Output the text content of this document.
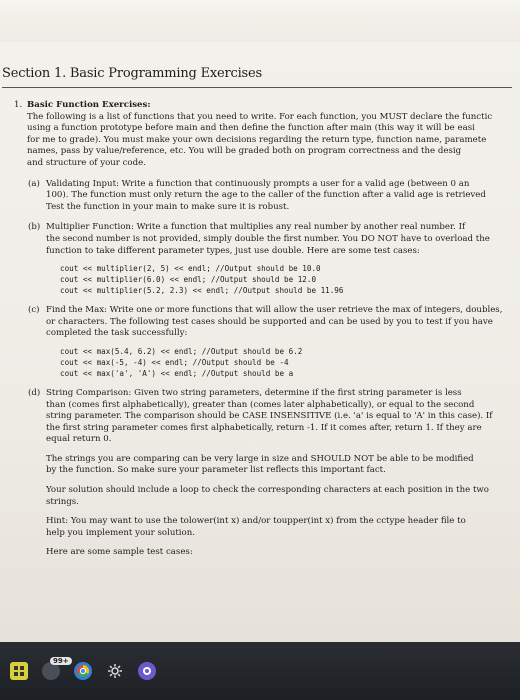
Section 1. Basic Programming Exercises
1. Basic Function Exercises:

The following is a list of functions that you need to write. For each function, you MUST declare the functic

using a function prototype before main and then define the function after main (this way it will be easi

for me to grade). You must make your own decisions regarding the return type, function name, paramete

names, pass by value/reference, etc. You will be graded both on program correctness and the desig

and structure of your code.

(a) Validating Input: Write a function that continuously prompts a user for a valid age (between 0 an

100). The function must only return the age to the caller of the function after a valid age is retrieved

Test the function in your main to make sure it is robust.

(b) Multiplier Function: Write a function that multiplies any real number by another real number. If

the second number is not provided, simply double the first number. You DO NOT have to overload the

function to take different parameter types, just use double. Here are some test cases:

cout << multiplier(2, 5) << endl; //Output should be 10.0
cout << multiplier(6.0) << endl; //Output should be 12.0
cout << multiplier(5.2, 2.3) << endl; //Output should be 11.96
(c) Find the Max: Write one or more functions that will allow the user retrieve the max of integers, doubles,

or characters. The following test cases should be supported and can be used by you to test if you have

completed the task successfully:

cout << max(5.4, 6.2) << endl; //Output should be 6.2
cout << max(-5, -4) << endl; //Output should be -4
cout << max('a', 'A') << endl; //Output should be a
(d) String Comparison: Given two string parameters, determine if the first string parameter is less

than (comes first alphabetically), greater than (comes later alphabetically), or equal to the second

string parameter. The comparison should be CASE INSENSITIVE (i.e. 'a' is equal to 'A' in this case). If

the first string parameter comes first alphabetically, return -1. If it comes after, return 1. If they are

equal return 0.

The strings you are comparing can be very large in size and SHOULD NOT be able to be modified

by the function. So make sure your parameter list reflects this important fact.

Your solution should include a loop to check the corresponding characters at each position in the two

strings.

Hint: You may want to use the tolower(int x) and/or toupper(int x) from the cctype header file to

help you implement your solution.

Here are some sample test cases:

99+
